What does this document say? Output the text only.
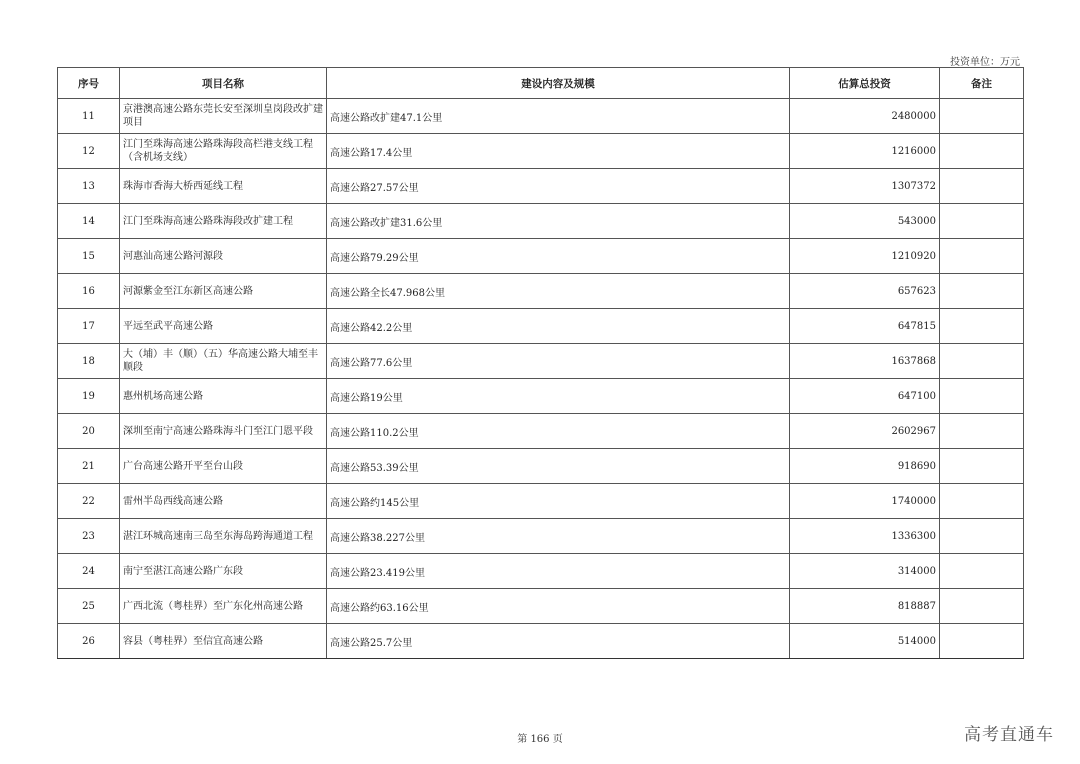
投资单位：万元
序号	项目名称	建设内容及规模	估算总投资	备注
11	京港澳高速公路东莞长安至深圳皇岗段改扩建项目	高速公路改扩建47.1公里	2480000	
12	江门至珠海高速公路珠海段高栏港支线工程（含机场支线）	高速公路17.4公里	1216000	
13	珠海市香海大桥西延线工程	高速公路27.57公里	1307372	
14	江门至珠海高速公路珠海段改扩建工程	高速公路改扩建31.6公里	543000	
15	河惠汕高速公路河源段	高速公路79.29公里	1210920	
16	河源紫金至江东新区高速公路	高速公路全长47.968公里	657623	
17	平远至武平高速公路	高速公路42.2公里	647815	
18	大（埔）丰（顺）（五）华高速公路大埔至丰顺段	高速公路77.6公里	1637868	
19	惠州机场高速公路	高速公路19公里	647100	
20	深圳至南宁高速公路珠海斗门至江门恩平段	高速公路110.2公里	2602967	
21	广台高速公路开平至台山段	高速公路53.39公里	918690	
22	雷州半岛西线高速公路	高速公路约145公里	1740000	
23	湛江环城高速南三岛至东海岛跨海通道工程	高速公路38.227公里	1336300	
24	南宁至湛江高速公路广东段	高速公路23.419公里	314000	
25	广西北流（粤桂界）至广东化州高速公路	高速公路约63.16公里	818887	
26	容县（粤桂界）至信宜高速公路	高速公路25.7公里	514000	
第 166 页	高考直通车
